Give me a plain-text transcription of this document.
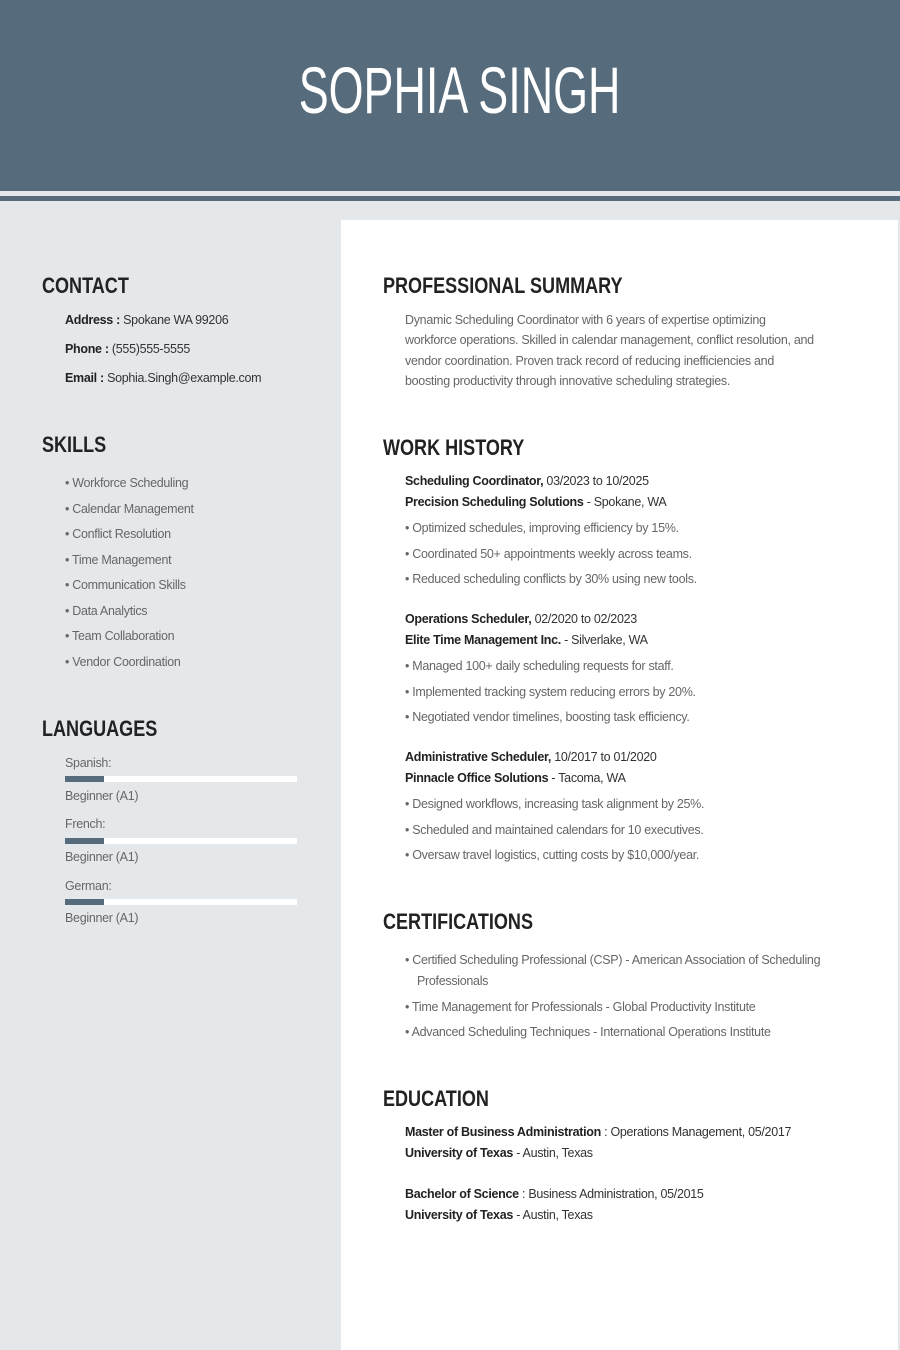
SOPHIA SINGH
CONTACT
Address : Spokane WA 99206
Phone : (555)555-5555
Email : Sophia.Singh@example.com
SKILLS
• Workforce Scheduling
• Calendar Management
• Conflict Resolution
• Time Management
• Communication Skills
• Data Analytics
• Team Collaboration
• Vendor Coordination
LANGUAGES
Spanish:
Beginner (A1)
French:
Beginner (A1)
German:
Beginner (A1)
PROFESSIONAL SUMMARY
Dynamic Scheduling Coordinator with 6 years of expertise optimizing
workforce operations. Skilled in calendar management, conflict resolution, and
vendor coordination. Proven track record of reducing inefficiencies and
boosting productivity through innovative scheduling strategies.
WORK HISTORY
Scheduling Coordinator, 03/2023 to 10/2025
Precision Scheduling Solutions - Spokane, WA
• Optimized schedules, improving efficiency by 15%.
• Coordinated 50+ appointments weekly across teams.
• Reduced scheduling conflicts by 30% using new tools.
Operations Scheduler, 02/2020 to 02/2023
Elite Time Management Inc. - Silverlake, WA
• Managed 100+ daily scheduling requests for staff.
• Implemented tracking system reducing errors by 20%.
• Negotiated vendor timelines, boosting task efficiency.
Administrative Scheduler, 10/2017 to 01/2020
Pinnacle Office Solutions - Tacoma, WA
• Designed workflows, increasing task alignment by 25%.
• Scheduled and maintained calendars for 10 executives.
• Oversaw travel logistics, cutting costs by $10,000/year.
CERTIFICATIONS
• Certified Scheduling Professional (CSP) - American Association of Scheduling
Professionals
• Time Management for Professionals - Global Productivity Institute
• Advanced Scheduling Techniques - International Operations Institute
EDUCATION
Master of Business Administration : Operations Management, 05/2017
University of Texas - Austin, Texas
Bachelor of Science : Business Administration, 05/2015
University of Texas - Austin, Texas
